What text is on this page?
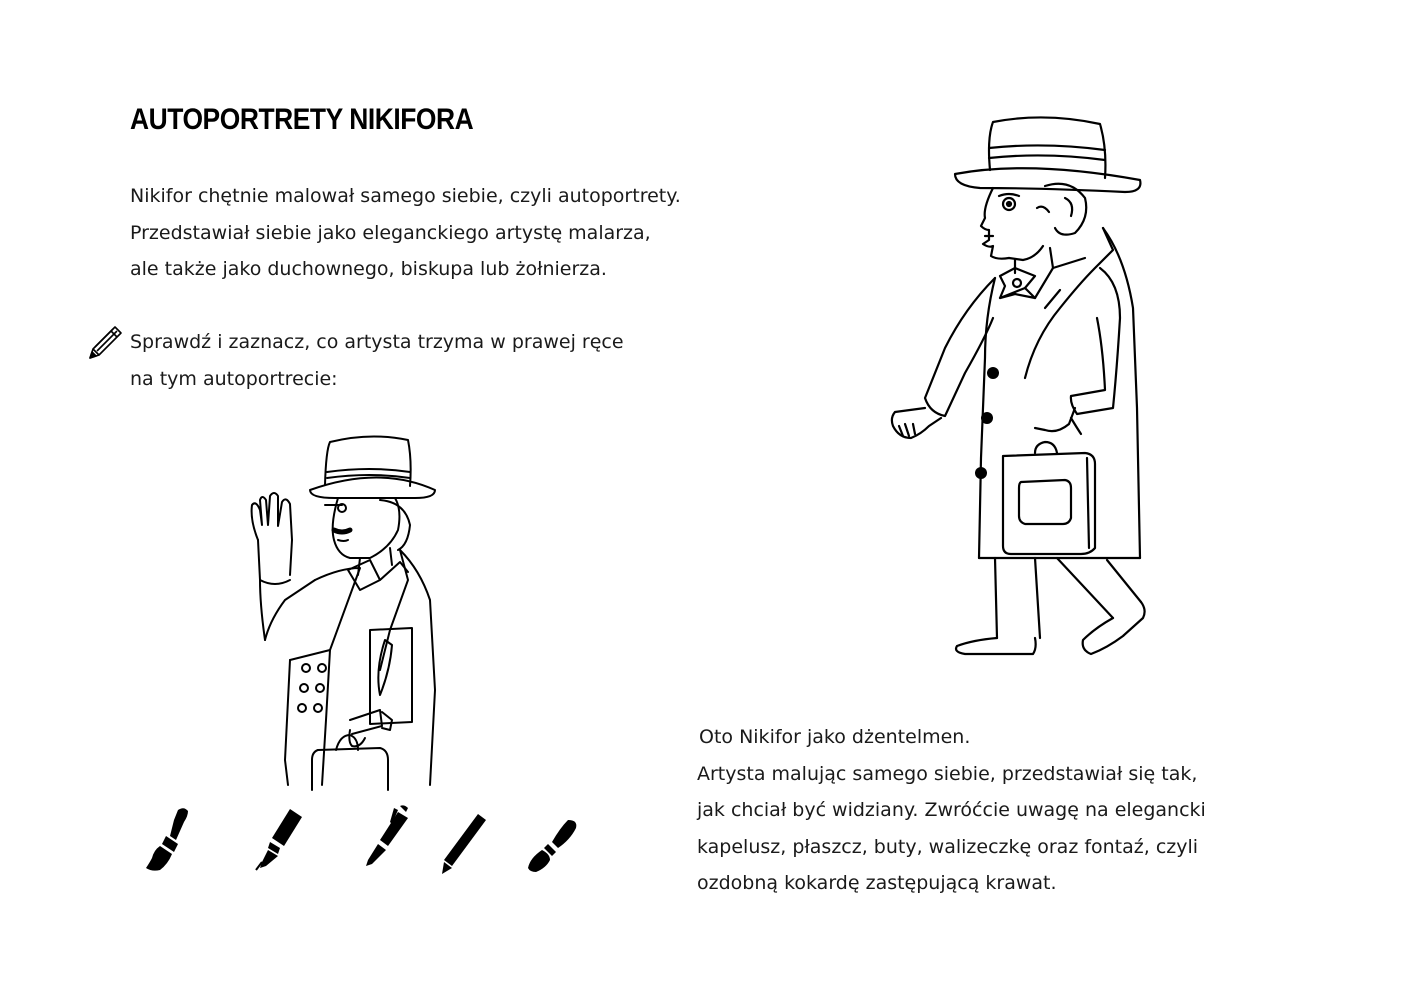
AUTOPORTRETY NIKIFORA
Nikifor chętnie malował samego siebie, czyli autoportrety.
Przedstawiał siebie jako eleganckiego artystę malarza,
ale także jako duchownego, biskupa lub żołnierza.
Sprawdź i zaznacz, co artysta trzyma w prawej ręce
na tym autoportrecie:
Oto Nikifor jako dżentelmen.
Artysta malując samego siebie, przedstawiał się tak,
jak chciał być widziany. Zwróćcie uwagę na elegancki
kapelusz, płaszcz, buty, walizeczkę oraz fontaź, czyli
ozdobną kokardę zastępującą krawat.
